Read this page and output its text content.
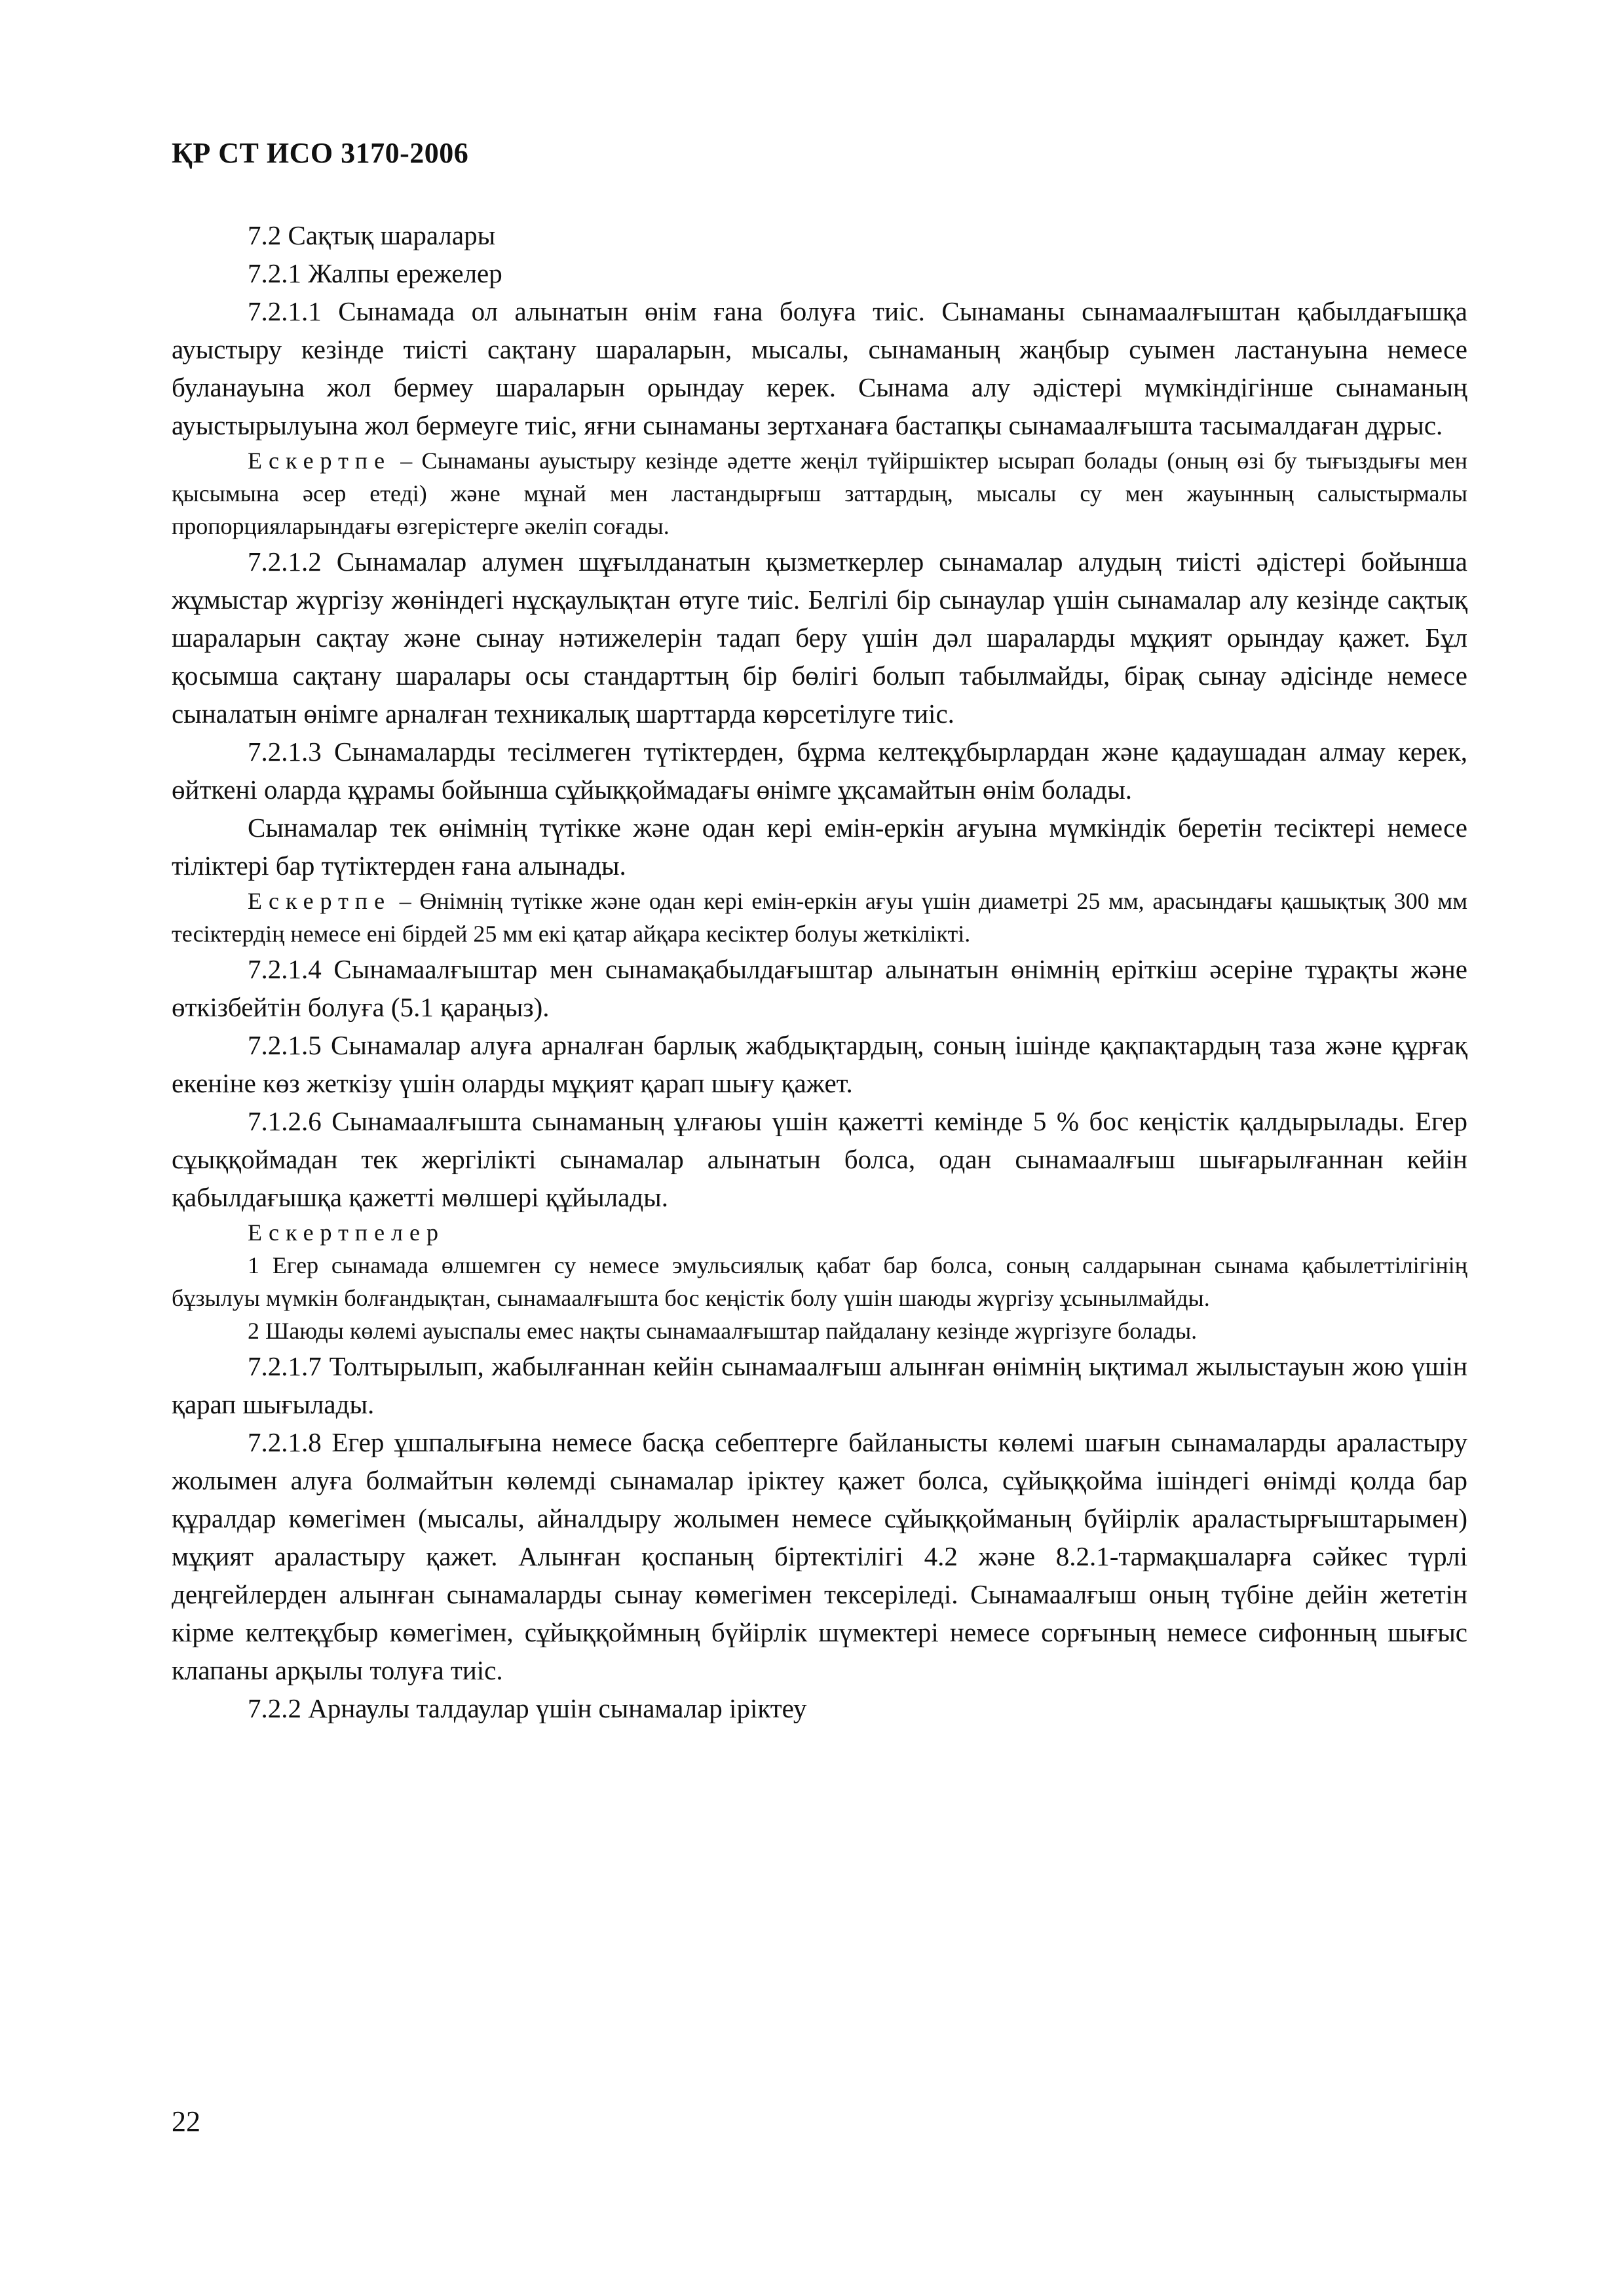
ҚР СТ ИСО 3170-2006

7.2 Сақтық шаралары

7.2.1 Жалпы ережелер

7.2.1.1 Сынамада ол алынатын өнім ғана болуға тиіс. Сынаманы сынамаалғыштан қабылдағышқа ауыстыру кезінде тиісті сақтану шараларын, мысалы, сынаманың жаңбыр суымен ластануына немесе буланауына жол бермеу шараларын орындау керек. Сынама алу әдістері мүмкіндігінше сынаманың ауыстырылуына жол бермеуге тиіс, яғни сынаманы зертханаға бастапқы сынамаалғышта тасымалдаған дұрыс.

Ескертпе – Сынаманы ауыстыру кезінде әдетте жеңіл түйіршіктер ысырап болады (оның өзі бу тығыздығы мен қысымына әсер етеді) және мұнай мен ластандырғыш заттардың, мысалы су мен жауынның салыстырмалы пропорцияларындағы өзгерістерге әкеліп соғады.

7.2.1.2 Сынамалар алумен шұғылданатын қызметкерлер сынамалар алудың тиісті әдістері бойынша жұмыстар жүргізу жөніндегі нұсқаулықтан өтуге тиіс. Белгілі бір сынаулар үшін сынамалар алу кезінде сақтық шараларын сақтау және сынау нәтижелерін тадап беру үшін дәл шараларды мұқият орындау қажет. Бұл қосымша сақтану шаралары осы стандарттың бір бөлігі болып табылмайды, бірақ сынау әдісінде немесе сыналатын өнімге арналған техникалық шарттарда көрсетілуге тиіс.

7.2.1.3 Сынамаларды тесілмеген түтіктерден, бұрма келтеқұбырлардан және қадаушадан алмау керек, өйткені оларда құрамы бойынша сұйыққоймадағы өнімге ұқсамайтын өнім болады.

Сынамалар тек өнімнің түтікке және одан кері емін-еркін ағуына мүмкіндік беретін тесіктері немесе тіліктері бар түтіктерден ғана алынады.

Ескертпе – Өнімнің түтікке және одан кері емін-еркін ағуы үшін диаметрі 25 мм, арасындағы қашықтық 300 мм тесіктердің немесе ені бірдей 25 мм екі қатар айқара кесіктер болуы жеткілікті.

7.2.1.4 Сынамаалғыштар мен сынамақабылдағыштар алынатын өнімнің еріткіш әсеріне тұрақты және өткізбейтін болуға (5.1 қараңыз).

7.2.1.5 Сынамалар алуға арналған барлық жабдықтардың, соның ішінде қақпақтардың таза және құрғақ екеніне көз жеткізу үшін оларды мұқият қарап шығу қажет.

7.1.2.6 Сынамаалғышта сынаманың ұлғаюы үшін қажетті кемінде 5 % бос кеңістік қалдырылады. Егер сұыққоймадан тек жергілікті сынамалар алынатын болса, одан сынамаалғыш шығарылғаннан кейін қабылдағышқа қажетті мөлшері құйылады.

Ескертпелер

1 Егер сынамада өлшемген су немесе эмульсиялық қабат бар болса, соның салдарынан сынама қабылеттілігінің бұзылуы мүмкін болғандықтан, сынамаалғышта бос кеңістік болу үшін шаюды жүргізу ұсынылмайды.

2 Шаюды көлемі ауыспалы емес нақты сынамаалғыштар пайдалану кезінде жүргізуге болады.

7.2.1.7 Толтырылып, жабылғаннан кейін сынамаалғыш алынған өнімнің ықтимал жылыстауын жою үшін қарап шығылады.

7.2.1.8 Егер ұшпалығына немесе басқа себептерге байланысты көлемі шағын сынамаларды араластыру жолымен алуға болмайтын көлемді сынамалар іріктеу қажет болса, сұйыққойма ішіндегі өнімді қолда бар құралдар көмегімен (мысалы, айналдыру жолымен немесе сұйыққойманың бүйірлік араластырғыштарымен) мұқият араластыру қажет. Алынған қоспаның біртектілігі 4.2 және 8.2.1-тармақшаларға сәйкес түрлі деңгейлерден алынған сынамаларды сынау көмегімен тексеріледі. Сынамаалғыш оның түбіне дейін жететін кірме келтеқұбыр көмегімен, сұйыққоймның бүйірлік шүмектері немесе сорғының немесе сифонның шығыс клапаны арқылы толуға тиіс.

7.2.2 Арнаулы талдаулар үшін сынамалар іріктеу

22
